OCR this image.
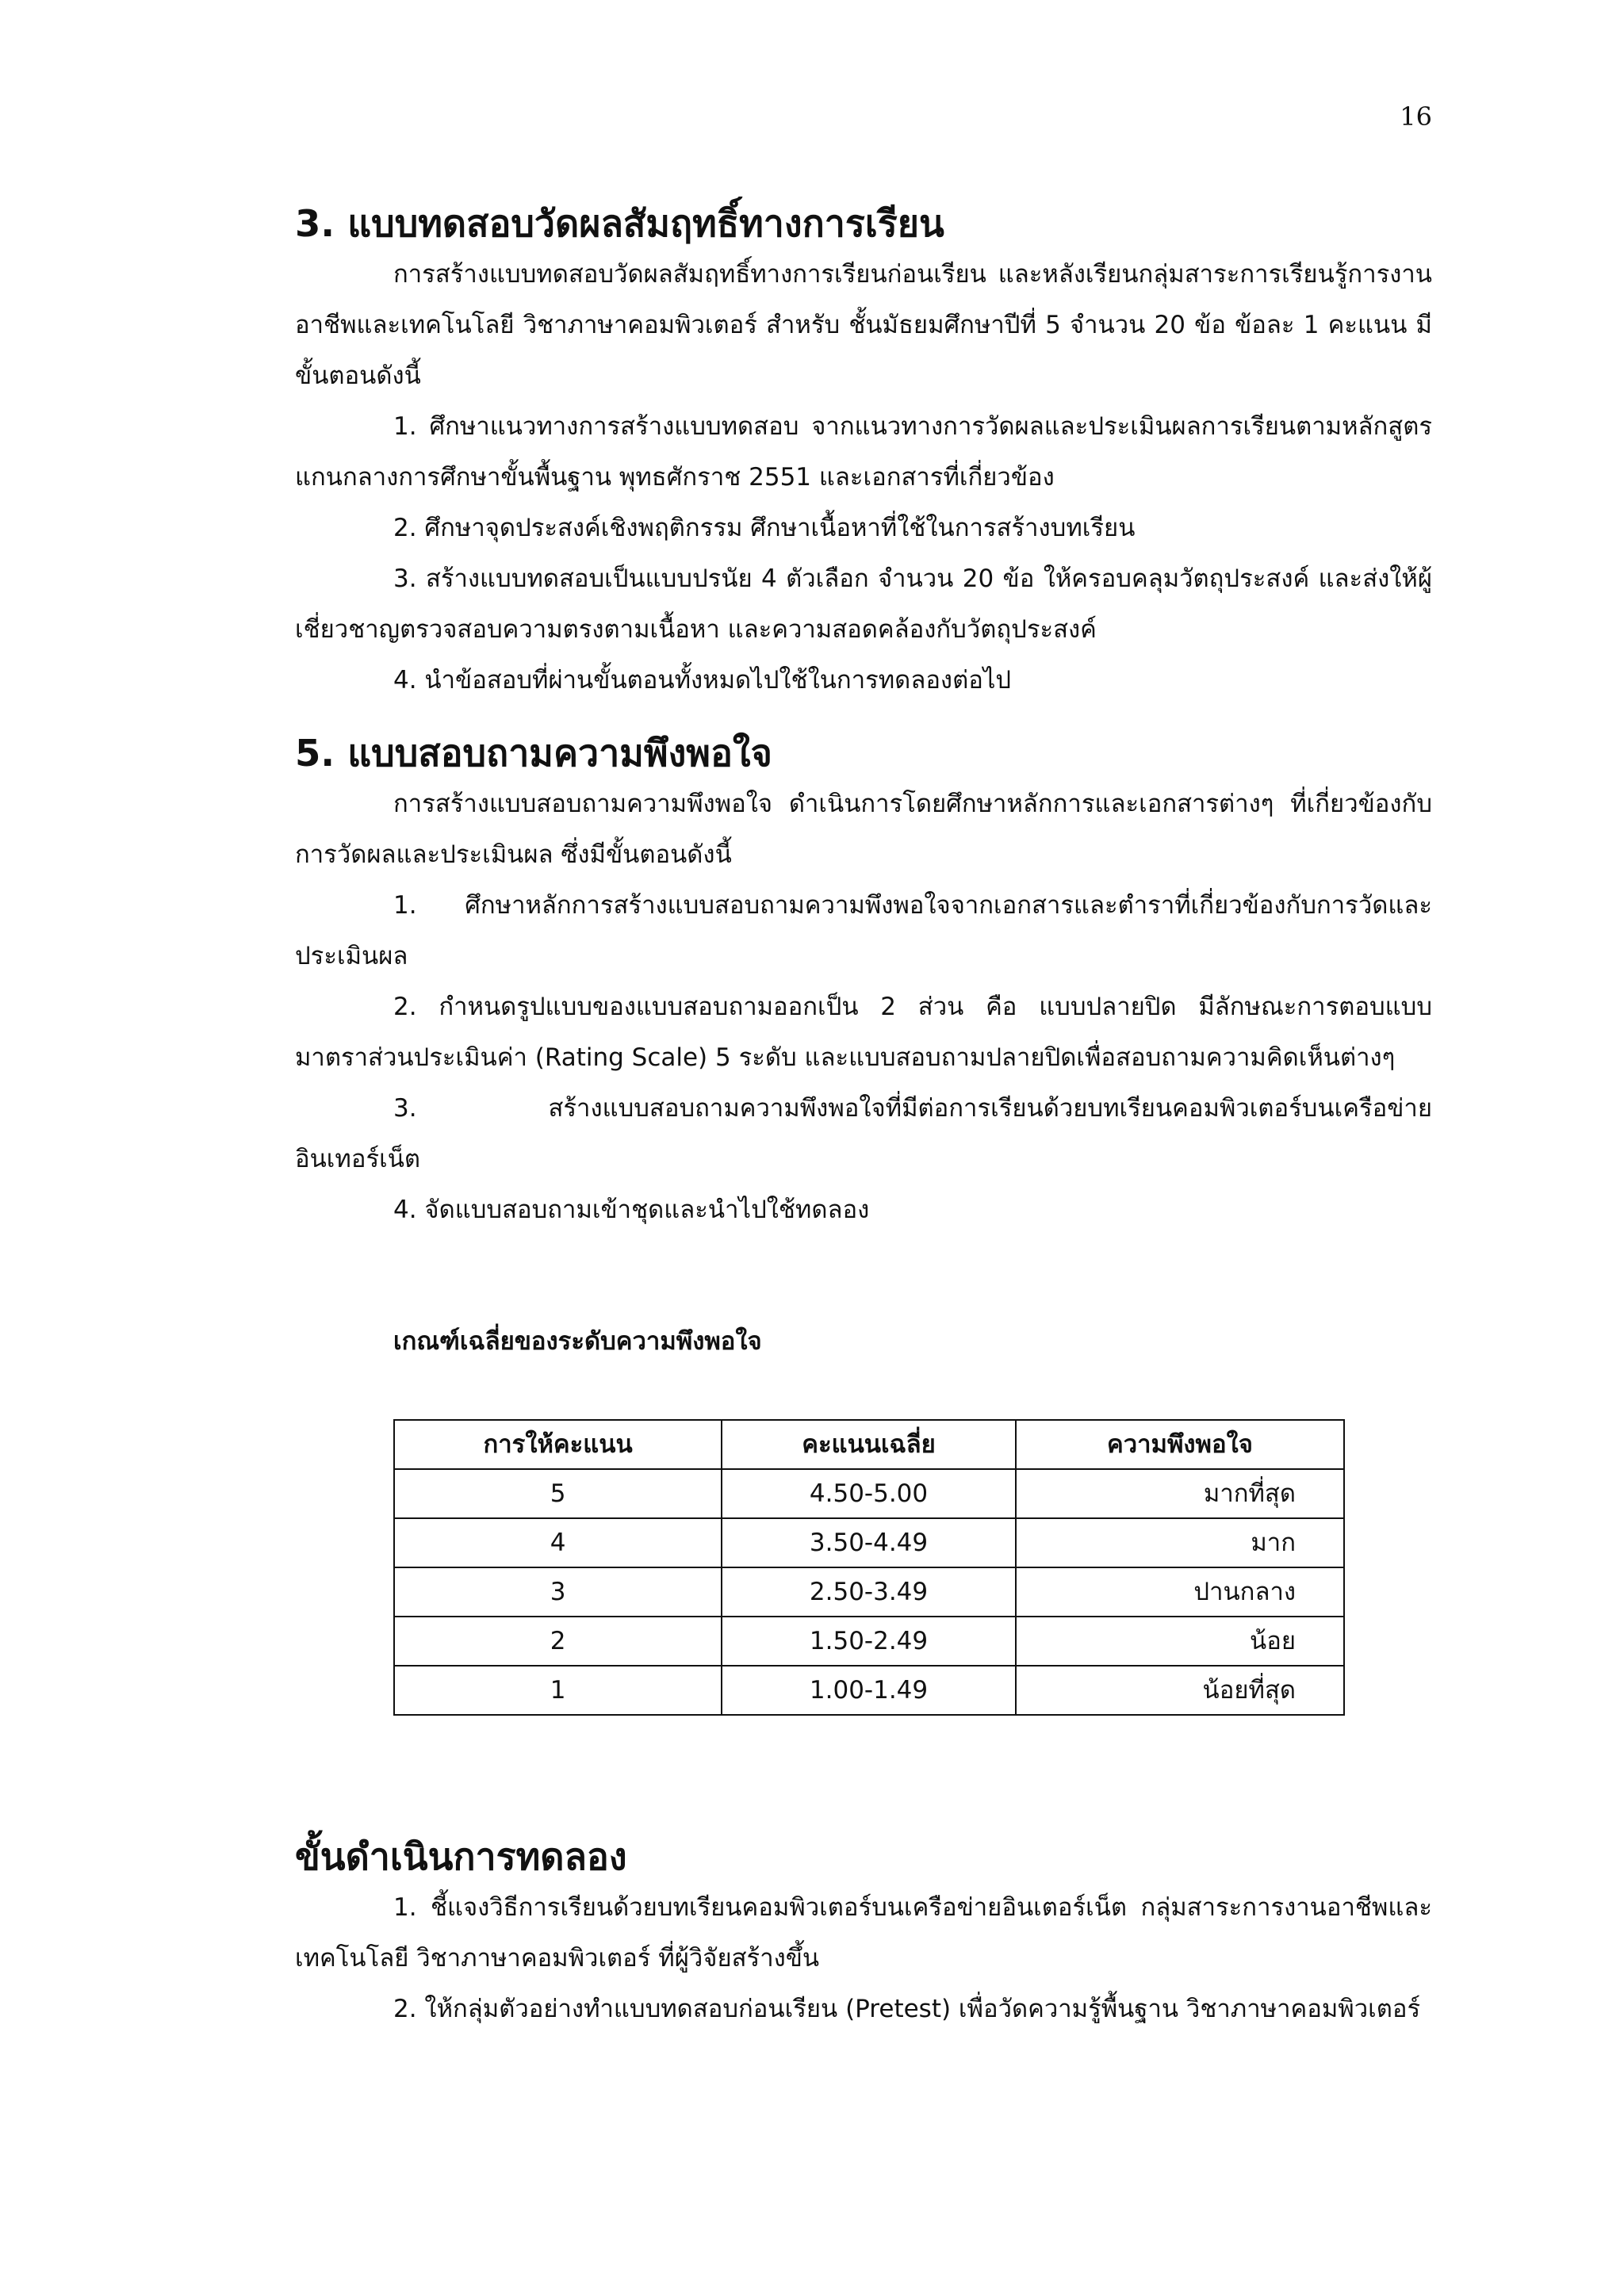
16
3. แบบทดสอบวัดผลสัมฤทธิ์ทางการเรียน

การสร้างแบบทดสอบวัดผลสัมฤทธิ์ทางการเรียนก่อนเรียน และหลังเรียนกลุ่มสาระการเรียนรู้การงานอาชีพและเทคโนโลยี วิชาภาษาคอมพิวเตอร์ สำหรับ ชั้นมัธยมศึกษาปีที่ 5 จำนวน 20 ข้อ ข้อละ 1 คะแนน มีขั้นตอนดังนี้

1. ศึกษาแนวทางการสร้างแบบทดสอบ จากแนวทางการวัดผลและประเมินผลการเรียนตามหลักสูตรแกนกลางการศึกษาขั้นพื้นฐาน พุทธศักราช 2551 และเอกสารที่เกี่ยวข้อง

2. ศึกษาจุดประสงค์เชิงพฤติกรรม ศึกษาเนื้อหาที่ใช้ในการสร้างบทเรียน

3. สร้างแบบทดสอบเป็นแบบปรนัย 4 ตัวเลือก จำนวน 20 ข้อ ให้ครอบคลุมวัตถุประสงค์ และส่งให้ผู้เชี่ยวชาญตรวจสอบความตรงตามเนื้อหา และความสอดคล้องกับวัตถุประสงค์

4. นำข้อสอบที่ผ่านขั้นตอนทั้งหมดไปใช้ในการทดลองต่อไป

5. แบบสอบถามความพึงพอใจ

การสร้างแบบสอบถามความพึงพอใจ ดำเนินการโดยศึกษาหลักการและเอกสารต่างๆ ที่เกี่ยวข้องกับการวัดผลและประเมินผล ซึ่งมีขั้นตอนดังนี้

1. ศึกษาหลักการสร้างแบบสอบถามความพึงพอใจจากเอกสารและตำราที่เกี่ยวข้องกับการวัดและประเมินผล

2. กำหนดรูปแบบของแบบสอบถามออกเป็น 2 ส่วน คือ แบบปลายปิด มีลักษณะการตอบแบบมาตราส่วนประเมินค่า (Rating Scale) 5 ระดับ และแบบสอบถามปลายปิดเพื่อสอบถามความคิดเห็นต่างๆ

3. สร้างแบบสอบถามความพึงพอใจที่มีต่อการเรียนด้วยบทเรียนคอมพิวเตอร์บนเครือข่ายอินเทอร์เน็ต

4. จัดแบบสอบถามเข้าชุดและนำไปใช้ทดลอง

เกณฑ์เฉลี่ยของระดับความพึงพอใจ
การให้คะแนน	คะแนนเฉลี่ย	ความพึงพอใจ
5	4.50-5.00	มากที่สุด
4	3.50-4.49	มาก
3	2.50-3.49	ปานกลาง
2	1.50-2.49	น้อย
1	1.00-1.49	น้อยที่สุด
ขั้นดำเนินการทดลอง

1. ชี้แจงวิธีการเรียนด้วยบทเรียนคอมพิวเตอร์บนเครือข่ายอินเตอร์เน็ต กลุ่มสาระการงานอาชีพและเทคโนโลยี วิชาภาษาคอมพิวเตอร์ ที่ผู้วิจัยสร้างขึ้น

2. ให้กลุ่มตัวอย่างทำแบบทดสอบก่อนเรียน (Pretest) เพื่อวัดความรู้พื้นฐาน วิชาภาษาคอมพิวเตอร์
